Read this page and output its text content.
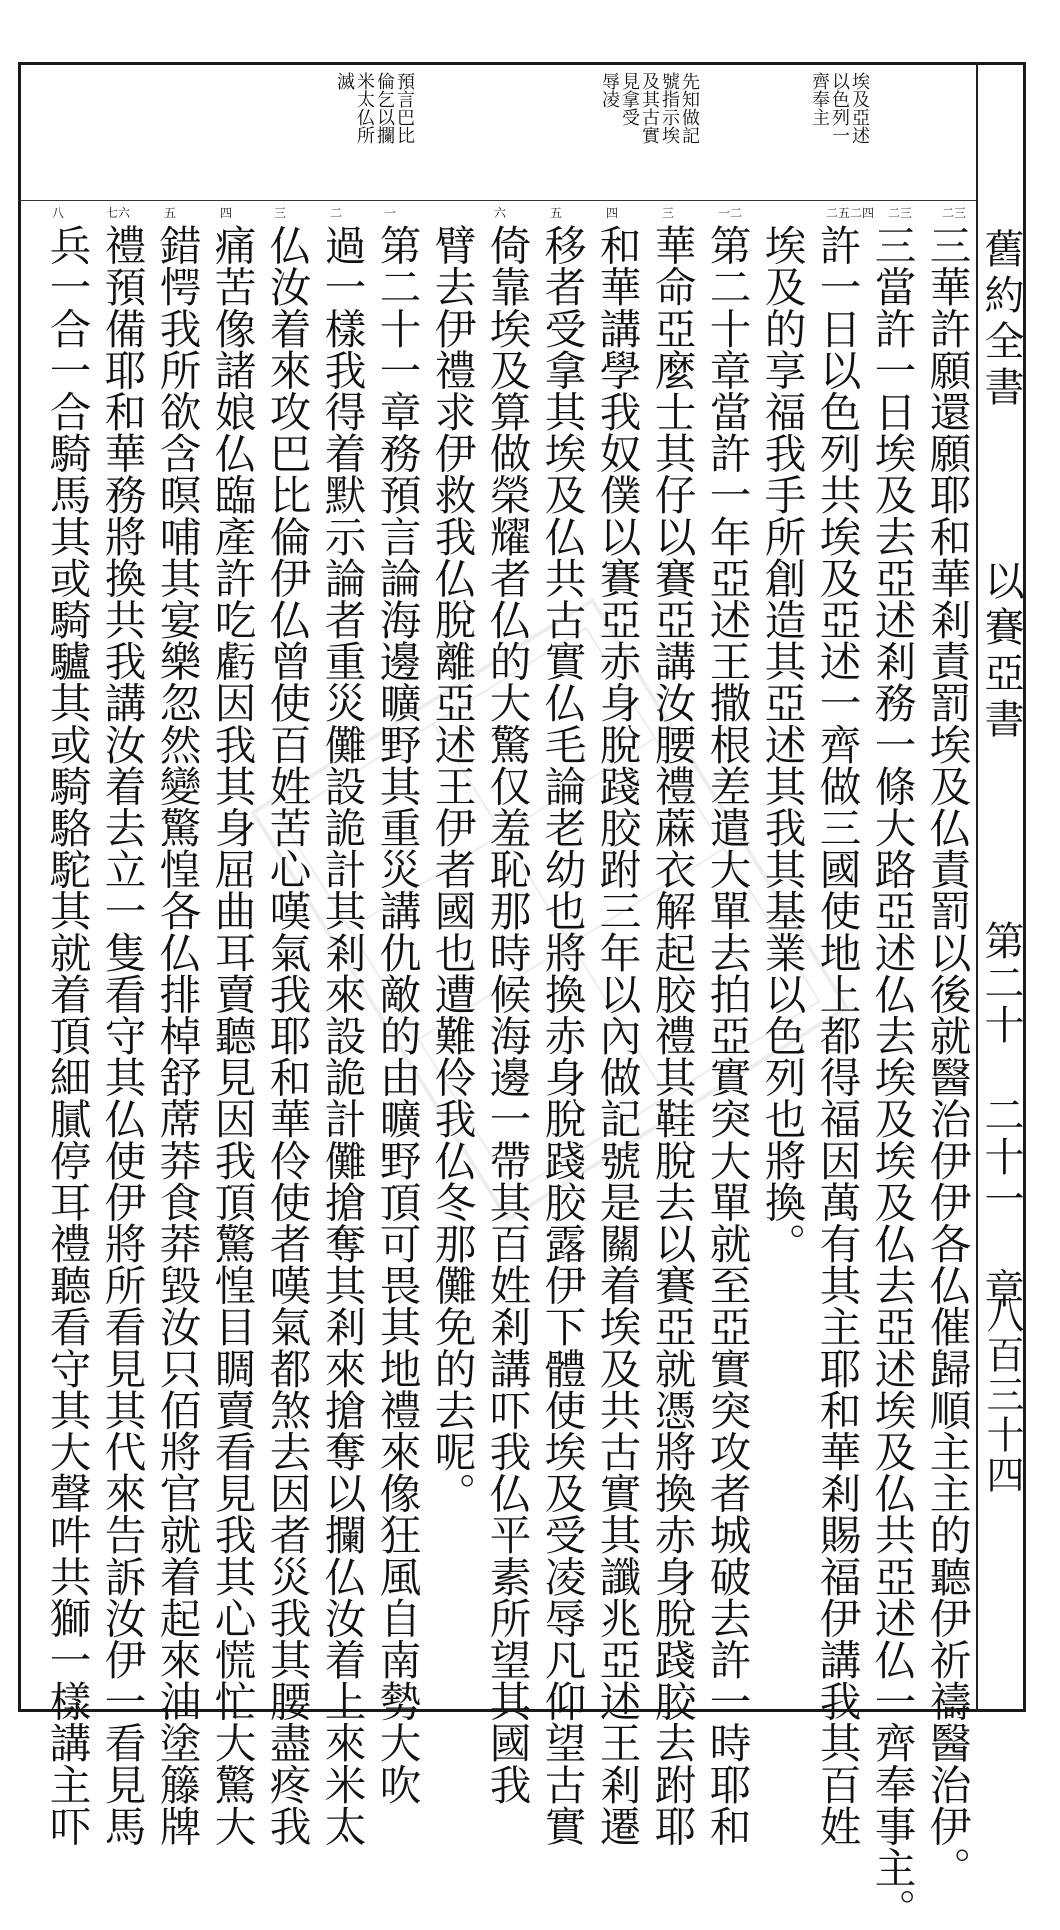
舊約全書
以賽亞書
第二十 二十一 章
八百三十四
埃及亞述
以色列一
齊奉主
先知做記
號指示埃
及其古實
見拿受
辱凌
預言巴比
倫乞以攔
米太仏所
滅
二三
二三
二五二四
一二
三
四
五
六
一
二
三
四
五
七六
八
三華許願還願耶和華剎責罰埃及仏責罰以後就醫治伊伊各仏催歸順主主的聽伊祈禱醫治伊。
三當許一日埃及去亞述剎務一條大路亞述仏去埃及埃及仏去亞述埃及仏共亞述仏一齊奉事主。
許一日以色列共埃及亞述一齊做三國使地上都得福因萬有其主耶和華剎賜福伊講我其百姓
埃及的享福我手所創造其亞述其我其基業以色列也將換。
第二十章當許一年亞述王撒根差遣大單去拍亞實突大單就至亞實突攻者城破去許一時耶和
華命亞麼士其仔以賽亞講汝腰禮蔴衣解起胶禮其鞋脫去以賽亞就憑將換赤身脫踐胶去跗耶
和華講學我奴僕以賽亞赤身脫踐胶跗三年以內做記號是關着埃及共古實其讖兆亞述王剎遷
移者受拿其埃及仏共古實仏毛論老幼也將換赤身脫踐胶露伊下體使埃及受凌辱凡仰望古實
倚靠埃及算做榮耀者仏的大驚仅羞恥那時候海邊一帶其百姓剎講吓我仏平素所望其國我
臂去伊禮求伊救我仏脫離亞述王伊者國也遭難伶我仏冬那儺免的去呢。
第二十一章務預言論海邊曠野其重災講仇敵的由曠野頂可畏其地禮來像狂風自南勢大吹
過一樣我得着默示論者重災儺設詭計其剎來設詭計儺搶奪其剎來搶奪以攔仏汝着上來米太
仏汝着來攻巴比倫伊仏曾使百姓苦心嘆氣我耶和華伶使者嘆氣都煞去因者災我其腰盡疼我
痛苦像諸娘仏臨產許吃虧因我其身屈曲耳賣聽見因我頂驚惶目睭賣看見我其心慌忙大驚大
錯愕我所欲含暝哺其宴樂忽然變驚惶各仏排棹舒蓆莽食莽毀汝只佰將官就着起來油塗籐牌
禮預備耶和華務將換共我講汝着去立一隻看守其仏使伊將所看見其代來告訴汝伊一看見馬
兵一合一合騎馬其或騎驢其或騎駱駝其就着頂細膩停耳禮聽看守其大聲吽共獅一樣講主吓
